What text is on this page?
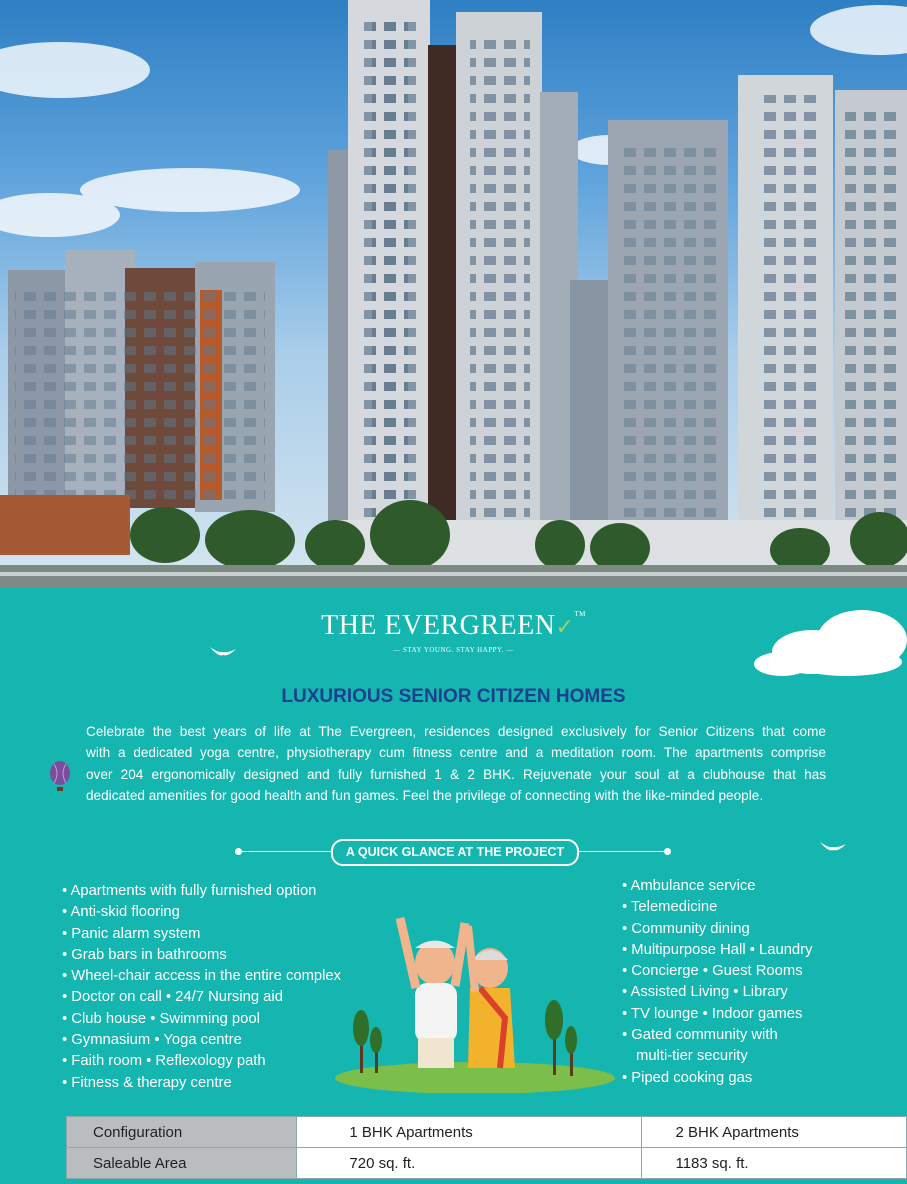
THE EVERGREEN✓™
— STAY YOUNG. STAY HAPPY. —
LUXURIOUS SENIOR CITIZEN HOMES

Celebrate the best years of life at The Evergreen, residences designed exclusively for Senior Citizens that come

with a dedicated yoga centre, physiotherapy cum fitness centre and a meditation room. The apartments comprise

over 204 ergonomically designed and fully furnished 1 & 2 BHK. Rejuvenate your soul at a clubhouse that has

dedicated amenities for good health and fun games. Feel the privilege of connecting with the like-minded people.

A QUICK GLANCE AT THE PROJECT
• Apartments with fully furnished option
• Anti-skid flooring
• Panic alarm system
• Grab bars in bathrooms
• Wheel-chair access in the entire complex
• Doctor on call • 24/7 Nursing aid
• Club house • Swimming pool
• Gymnasium • Yoga centre
• Faith room • Reflexology path
• Fitness & therapy centre
• Ambulance service
• Telemedicine
• Community dining
• Multipurpose Hall • Laundry
• Concierge • Guest Rooms
• Assisted Living • Library
• TV lounge • Indoor games
• Gated community with
multi-tier security
• Piped cooking gas
Configuration	1 BHK Apartments	2 BHK Apartments
Saleable Area	720 sq. ft.	1183 sq. ft.
